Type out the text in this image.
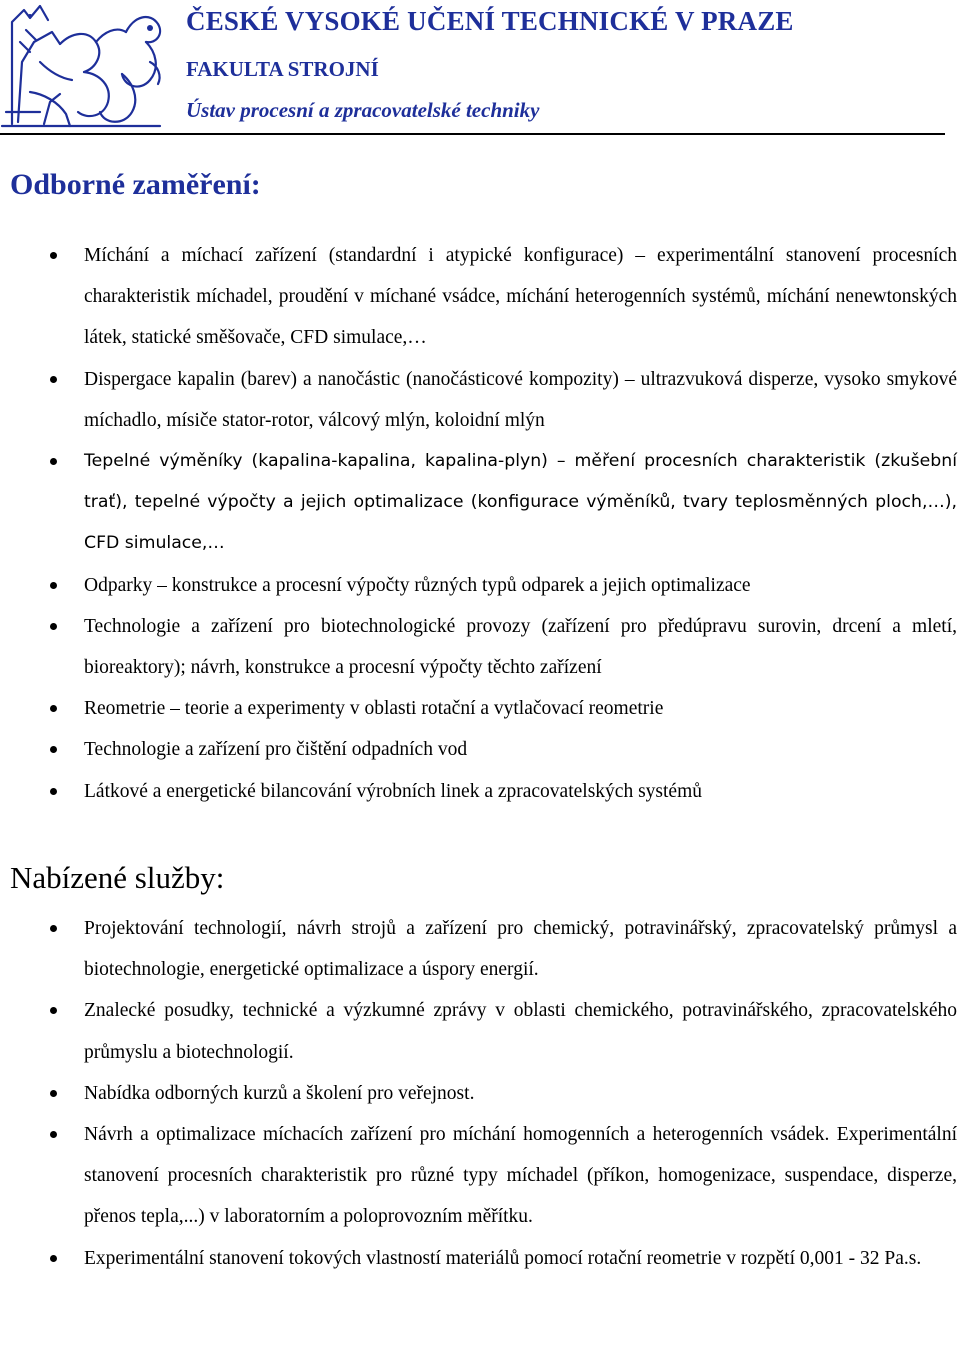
ČESKÉ VYSOKÉ UČENÍ TECHNICKÉ V PRAZE
FAKULTA STROJNÍ
Ústav procesní a zpracovatelské techniky
Odborné zaměření:
Míchání a míchací zařízení (standardní i atypické konfigurace) – experimentální stanovení procesních charakteristik míchadel, proudění v míchané vsádce, míchání heterogenních systémů, míchání nenewtonských látek, statické směšovače, CFD simulace,…
Dispergace kapalin (barev) a nanočástic (nanočásticové kompozity) – ultrazvuková disperze, vysoko smykové míchadlo, mísiče stator-rotor, válcový mlýn, koloidní mlýn
Tepelné výměníky (kapalina-kapalina, kapalina-plyn) – měření procesních charakteristik (zkušební trať), tepelné výpočty a jejich optimalizace (konfigurace výměníků, tvary teplosměnných ploch,…), CFD simulace,…
Odparky – konstrukce a procesní výpočty různých typů odparek a jejich optimalizace
Technologie a zařízení pro biotechnologické provozy (zařízení pro předúpravu surovin, drcení a mletí, bioreaktory); návrh, konstrukce a procesní výpočty těchto zařízení
Reometrie – teorie a experimenty v oblasti rotační a vytlačovací reometrie
Technologie a zařízení pro čištění odpadních vod
Látkové a energetické bilancování výrobních linek a zpracovatelských systémů
Nabízené služby:
Projektování technologií, návrh strojů a zařízení pro chemický, potravinářský, zpracovatelský průmysl a biotechnologie, energetické optimalizace a úspory energií.
Znalecké posudky, technické a výzkumné zprávy v oblasti chemického, potravinářského, zpracovatelského průmyslu a biotechnologií.
Nabídka odborných kurzů a školení pro veřejnost.
Návrh a optimalizace míchacích zařízení pro míchání homogenních a heterogenních vsádek. Experimentální stanovení procesních charakteristik pro různé typy míchadel (příkon, homogenizace, suspendace, disperze, přenos tepla,...) v laboratorním a poloprovozním měřítku.
Experimentální stanovení tokových vlastností materiálů pomocí rotační reometrie v rozpětí 0,001 - 32 Pa.s.
